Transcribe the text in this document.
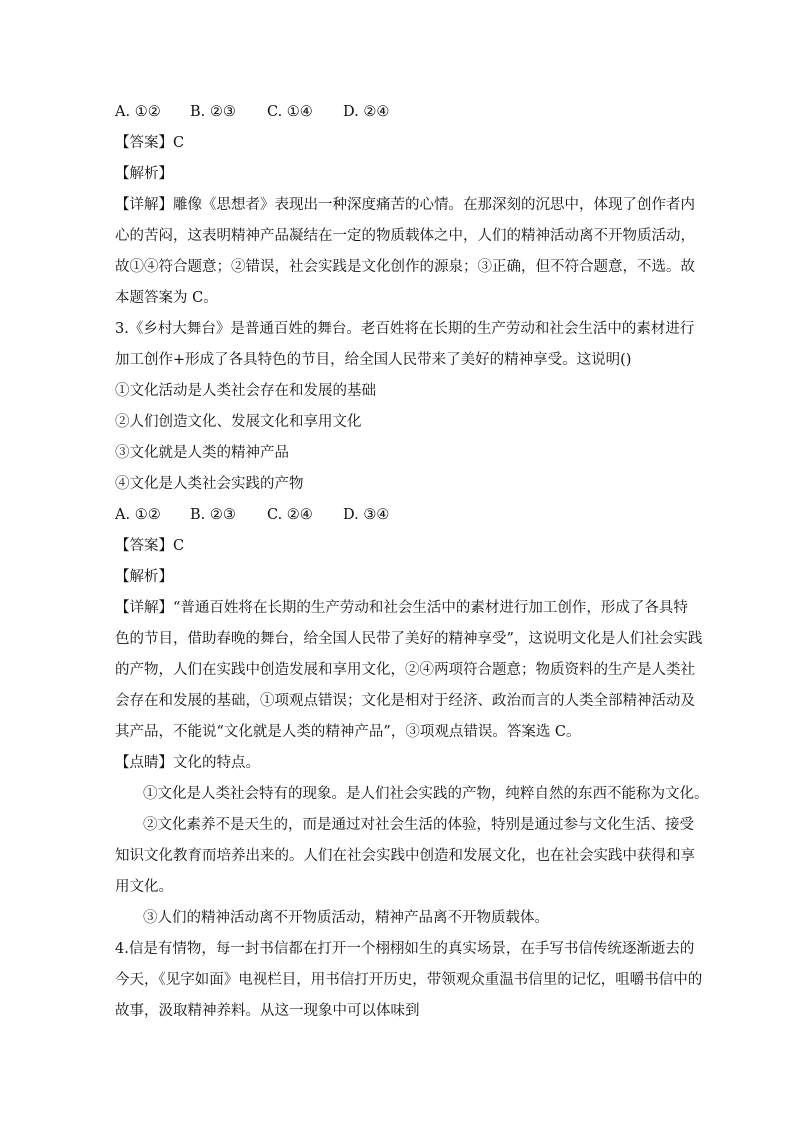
A. ①② B. ②③ C. ①④ D. ②④
【答案】C
【解析】
【详解】雕像《思想者》表现出一种深度痛苦的心情。在那深刻的沉思中，体现了创作者内
心的苦闷，这表明精神产品凝结在一定的物质载体之中，人们的精神活动离不开物质活动，
故①④符合题意；②错误，社会实践是文化创作的源泉；③正确，但不符合题意，不选。故
本题答案为 C。
3.《乡村大舞台》是普通百姓的舞台。老百姓将在长期的生产劳动和社会生活中的素材进行
加工创作+形成了各具特色的节目，给全国人民带来了美好的精神享受。这说明()
①文化活动是人类社会存在和发展的基础
②人们创造文化、发展文化和享用文化
③文化就是人类的精神产品
④文化是人类社会实践的产物
A. ①② B. ②③ C. ②④ D. ③④
【答案】C
【解析】
【详解】“普通百姓将在长期的生产劳动和社会生活中的素材进行加工创作，形成了各具特
色的节目，借助春晚的舞台，给全国人民带了美好的精神享受”，这说明文化是人们社会实践
的产物，人们在实践中创造发展和享用文化，②④两项符合题意；物质资料的生产是人类社
会存在和发展的基础，①项观点错误；文化是相对于经济、政治而言的人类全部精神活动及
其产品，不能说“文化就是人类的精神产品”，③项观点错误。答案选 C。
【点睛】文化的特点。
①文化是人类社会特有的现象。是人们社会实践的产物，纯粹自然的东西不能称为文化。
②文化素养不是天生的，而是通过对社会生活的体验，特别是通过参与文化生活、接受
知识文化教育而培养出来的。人们在社会实践中创造和发展文化，也在社会实践中获得和享
用文化。
③人们的精神活动离不开物质活动，精神产品离不开物质载体。
4.信是有情物，每一封书信都在打开一个栩栩如生的真实场景，在手写书信传统逐渐逝去的
今天，《见字如面》电视栏目，用书信打开历史，带领观众重温书信里的记忆，咀嚼书信中的
故事，汲取精神养料。从这一现象中可以体味到
